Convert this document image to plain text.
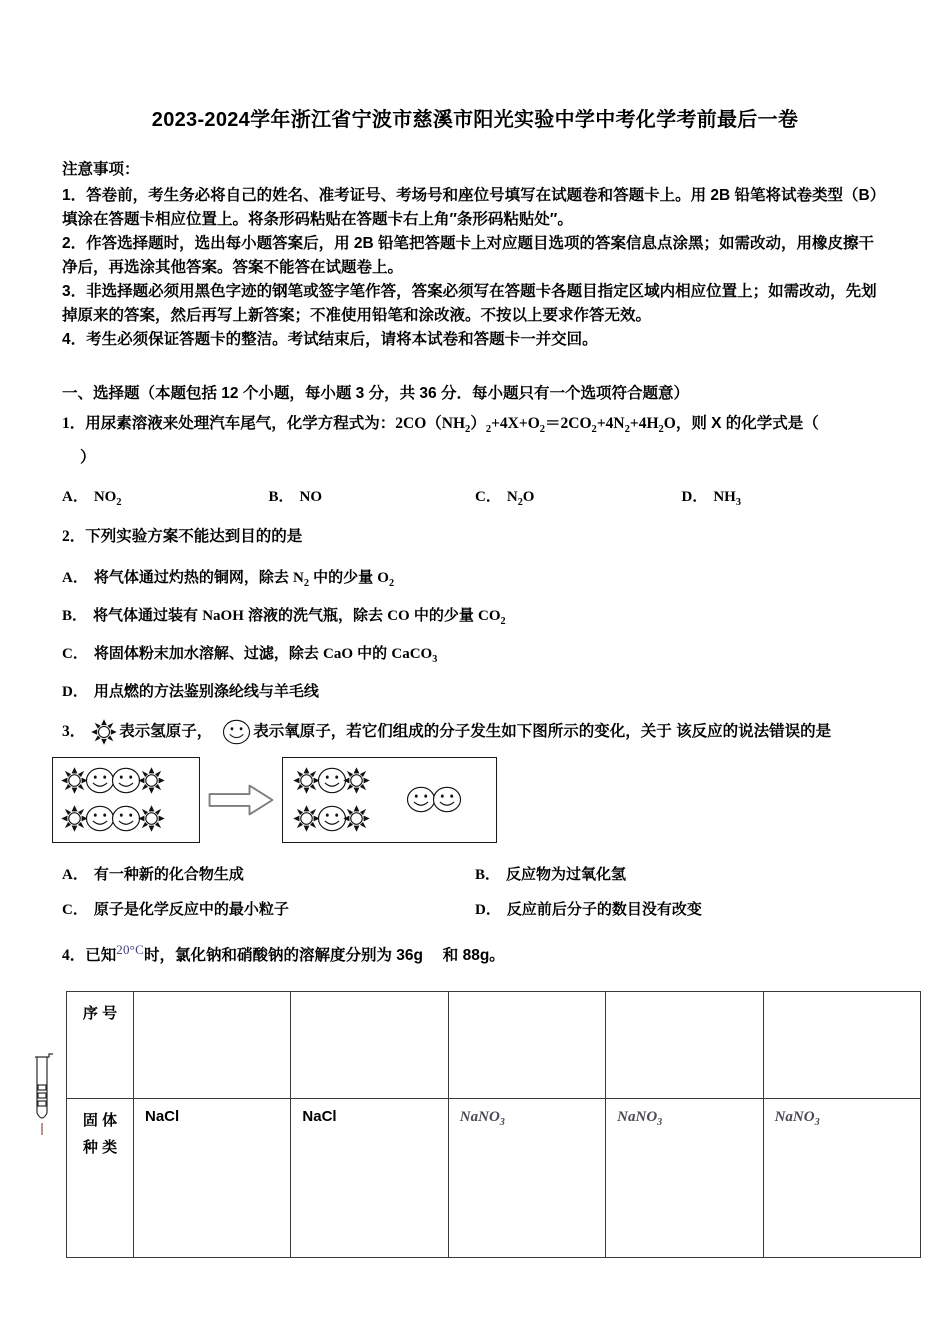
2023-2024学年浙江省宁波市慈溪市阳光实验中学中考化学考前最后一卷

注意事项：

1．答卷前，考生务必将自己的姓名、准考证号、考场号和座位号填写在试题卷和答题卡上。用 2B 铅笔将试卷类型（B）填涂在答题卡相应位置上。将条形码粘贴在答题卡右上角″条形码粘贴处″。

2．作答选择题时，选出每小题答案后，用 2B 铅笔把答题卡上对应题目选项的答案信息点涂黑；如需改动，用橡皮擦干净后，再选涂其他答案。答案不能答在试题卷上。

3．非选择题必须用黑色字迹的钢笔或签字笔作答，答案必须写在答题卡各题目指定区域内相应位置上；如需改动，先划掉原来的答案，然后再写上新答案；不准使用铅笔和涂改液。不按以上要求作答无效。

4．考生必须保证答题卡的整洁。考试结束后，请将本试卷和答题卡一并交回。

一、选择题（本题包括 12 个小题，每小题 3 分，共 36 分．每小题只有一个选项符合题意）
1．用尿素溶液来处理汽车尾气，化学方程式为：$2CO(NH_2)_2+4X+O_2=2CO_2+4N_2+4H_2O$，则 X 的化学式是（
）
A． $NO_2$	B． NO	C． $N_2O$	D． $NH_3$
2．下列实验方案不能达到目的的是
A． 将气体通过灼热的铜网，除去 $N_2$ 中的少量 $O_2$
B． 将气体通过装有 NaOH 溶液的洗气瓶，除去 CO 中的少量 $CO_2$
C． 将固体粉末加水溶解、过滤，除去 CaO 中的 CaCO$_3$
D． 用点燃的方法鉴别涤纶线与羊毛线
3． 表示氢原子，	表示氧原子，若它们组成的分子发生如下图所示的变化，关于 该反应的说法错误的是
A． 有一种新的化合物生成	B． 反应物为过氧化氢
C． 原子是化学反应中的最小粒子	D． 反应前后分子的数目没有改变
4．已知$^{20^\circ C}$时，氯化钠和硝酸钠的溶解度分别为 36g　 和 88g。
序 号					
固 体 种 类	NaCl	NaCl	NaNO$_3$	NaNO$_3$	NaNO$_3$
